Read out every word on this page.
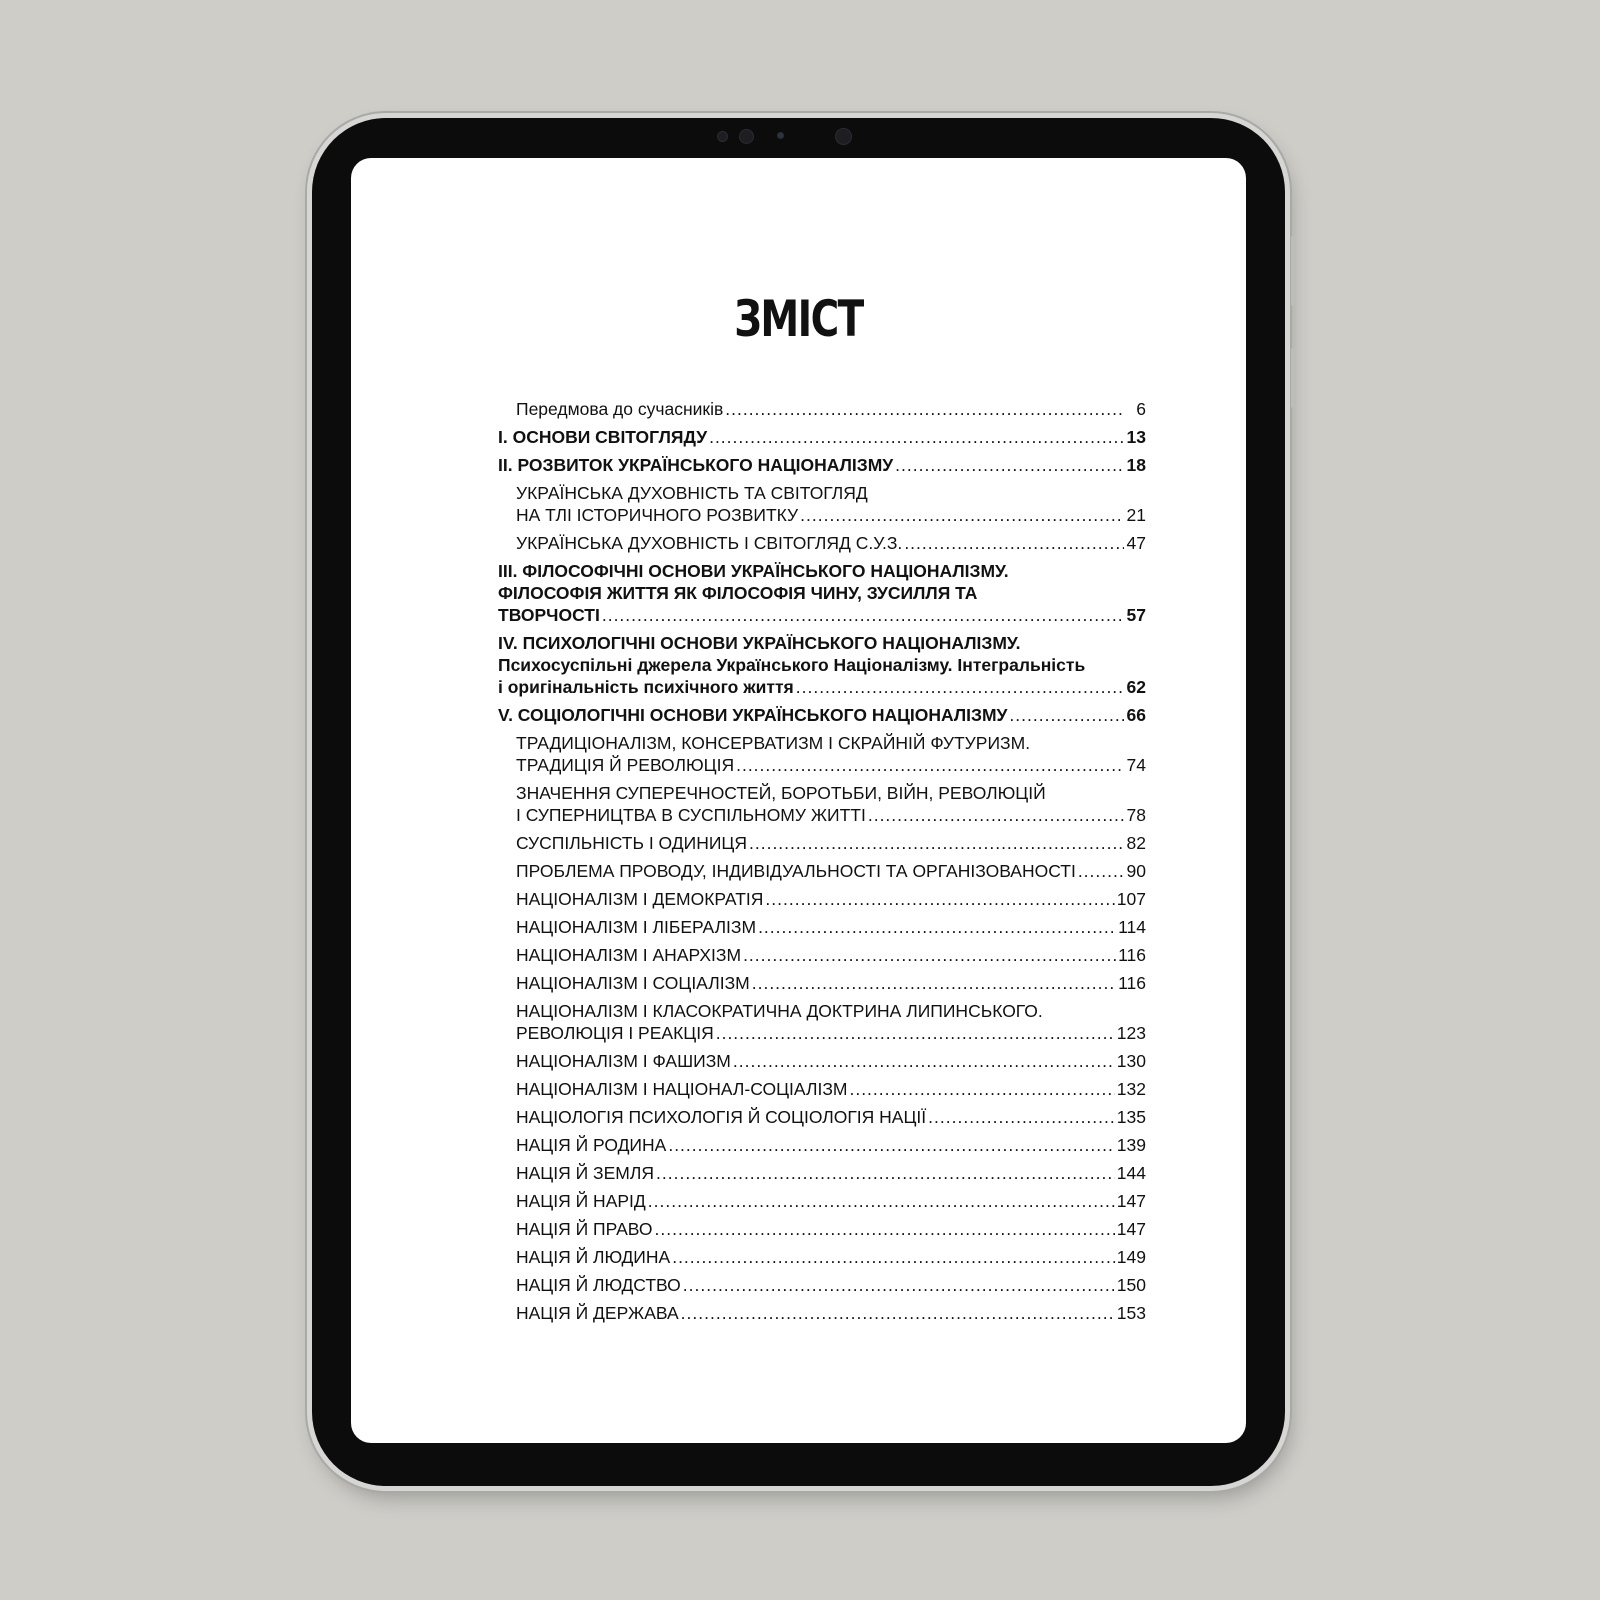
ЗМІСТ
Передмова до сучасників .....	6
І. ОСНОВИ СВІТОГЛЯДУ .....	13
ІІ. РОЗВИТОК УКРАЇНСЬКОГО НАЦІОНАЛІЗМУ .....	18
УКРАЇНСЬКА ДУХОВНІСТЬ ТА СВІТОГЛЯД
НА ТЛІ ІСТОРИЧНОГО РОЗВИТКУ .....	21
УКРАЇНСЬКА ДУХОВНІСТЬ І СВІТОГЛЯД С.У.З. .....	47
ІІІ. ФІЛОСОФІЧНІ ОСНОВИ УКРАЇНСЬКОГО НАЦІОНАЛІЗМУ.
ФІЛОСОФІЯ ЖИТТЯ ЯК ФІЛОСОФІЯ ЧИНУ, ЗУСИЛЛЯ ТА
ТВОРЧОСТІ .....	57
IV. ПСИХОЛОГІЧНІ ОСНОВИ УКРАЇНСЬКОГО НАЦІОНАЛІЗМУ.
Психосуспільні джерела Українського Націоналізму. Інтегральність
і оригінальність психічного життя .....	62
V. СОЦІОЛОГІЧНІ ОСНОВИ УКРАЇНСЬКОГО НАЦІОНАЛІЗМУ .....	66
ТРАДИЦІОНАЛІЗМ, КОНСЕРВАТИЗМ І СКРАЙНІЙ ФУТУРИЗМ.
ТРАДИЦІЯ Й РЕВОЛЮЦІЯ .....	74
ЗНАЧЕННЯ СУПЕРЕЧНОСТЕЙ, БОРОТЬБИ, ВІЙН, РЕВОЛЮЦІЙ
І СУПЕРНИЦТВА В СУСПІЛЬНОМУ ЖИТТІ .....	78
СУСПІЛЬНІСТЬ І ОДИНИЦЯ .....	82
ПРОБЛЕМА ПРОВОДУ, ІНДИВІДУАЛЬНОСТІ ТА ОРГАНІЗОВАНОСТІ .....	90
НАЦІОНАЛІЗМ І ДЕМОКРАТІЯ .....	107
НАЦІОНАЛІЗМ І ЛІБЕРАЛІЗМ .....	114
НАЦІОНАЛІЗМ І АНАРХІЗМ .....	116
НАЦІОНАЛІЗМ І СОЦІАЛІЗМ .....	116
НАЦІОНАЛІЗМ І КЛАСОКРАТИЧНА ДОКТРИНА ЛИПИНСЬКОГО.
РЕВОЛЮЦІЯ І РЕАКЦІЯ .....	123
НАЦІОНАЛІЗМ І ФАШИЗМ .....	130
НАЦІОНАЛІЗМ І НАЦІОНАЛ-СОЦІАЛІЗМ .....	132
НАЦІОЛОГІЯ ПСИХОЛОГІЯ Й СОЦІОЛОГІЯ НАЦІЇ .....	135
НАЦІЯ Й РОДИНА .....	139
НАЦІЯ Й ЗЕМЛЯ .....	144
НАЦІЯ Й НАРІД .....	147
НАЦІЯ Й ПРАВО .....	147
НАЦІЯ Й ЛЮДИНА .....	149
НАЦІЯ Й ЛЮДСТВО .....	150
НАЦІЯ Й ДЕРЖАВА .....	153
